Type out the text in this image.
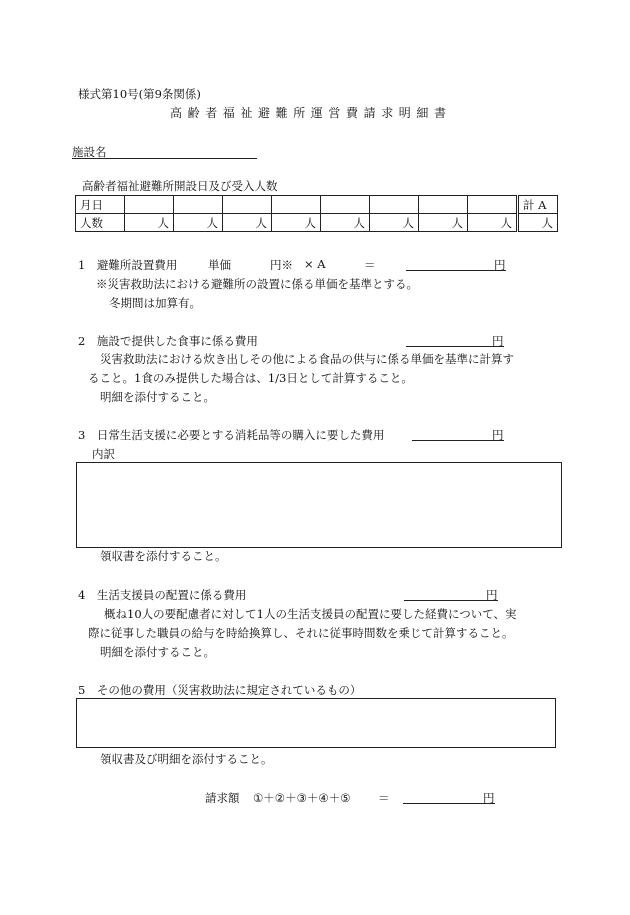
様式第10号(第9条関係)
高齢者福祉避難所運営費請求明細書
施設名
高齢者福祉避難所開設日及び受入人数
月日									計 A
人数	人	人	人	人	人	人	人	人	人
1　避難所設置費用	単価	円※ × A	＝	円
※災害救助法における避難所の設置に係る単価を基準とする。
冬期間は加算有。
2　施設で提供した食事に係る費用	円
災害救助法における炊き出しその他による食品の供与に係る単価を基準に計算す
ること。1食のみ提供した場合は、1/3日として計算すること。
明細を添付すること。
3　日常生活支援に必要とする消耗品等の購入に要した費用	円
内訳
領収書を添付すること。
4　生活支援員の配置に係る費用	円
概ね10人の要配慮者に対して1人の生活支援員の配置に要した経費について、実
際に従事した職員の給与を時給換算し、それに従事時間数を乗じて計算すること。
明細を添付すること。
5　その他の費用（災害救助法に規定されているもの）
領収書及び明細を添付すること。
請求額 ①＋②＋③＋④＋⑤ ＝	円
